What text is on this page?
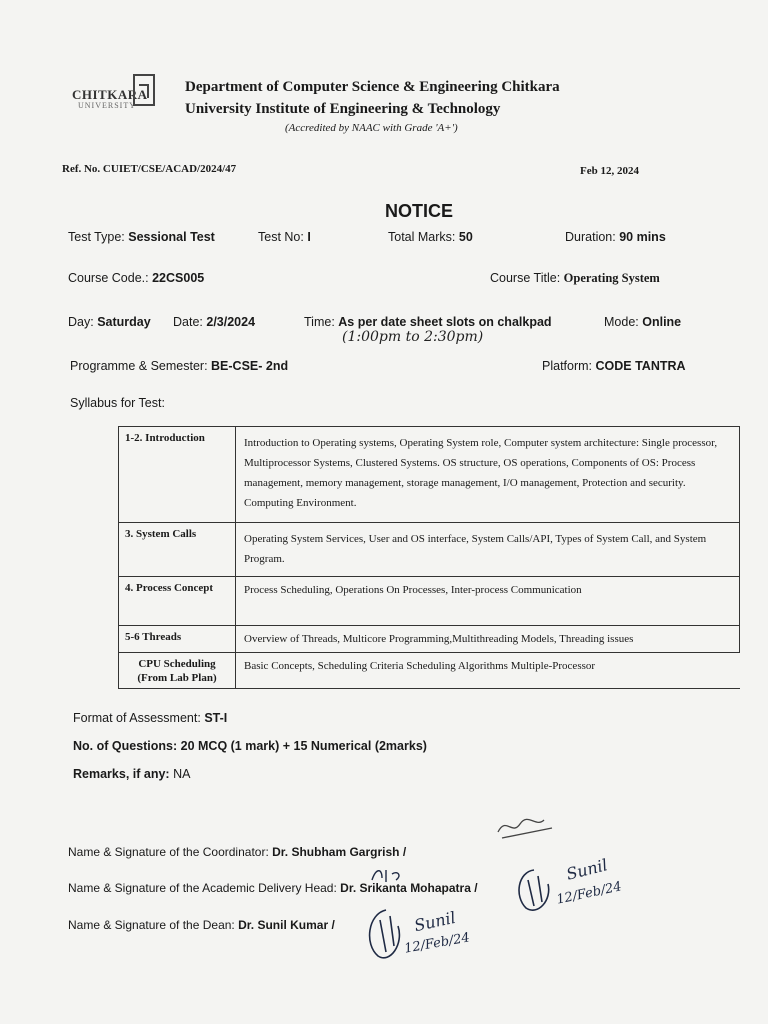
CHITKARA
UNIVERSITY
Department of Computer Science & Engineering Chitkara
University Institute of Engineering & Technology
(Accredited by NAAC with Grade 'A+')
Ref. No. CUIET/CSE/ACAD/2024/47	Feb 12, 2024
NOTICE
Test Type: Sessional Test	Test No: I	Total Marks: 50	Duration: 90 mins
Course Code.: 22CS005	Course Title: Operating System
Day: Saturday Date: 2/3/2024	Time: As per date sheet slots on chalkpad
(1:00pm to 2:30pm)
Mode: Online
Programme & Semester: BE-CSE- 2nd	Platform: CODE TANTRA
Syllabus for Test:
1-2. Introduction	Introduction to Operating systems, Operating System role, Computer system architecture: Single processor, Multiprocessor Systems, Clustered Systems. OS structure, OS operations, Components of OS: Process management, memory management, storage management, I/O management, Protection and security. Computing Environment.
3. System Calls	Operating System Services, User and OS interface, System Calls/API, Types of System Call, and System Program.
4. Process Concept	Process Scheduling, Operations On Processes, Inter-process Communication
5-6 Threads	Overview of Threads, Multicore Programming,Multithreading Models, Threading issues
CPU Scheduling (From Lab Plan)	Basic Concepts, Scheduling Criteria Scheduling Algorithms Multiple-Processor
Format of Assessment: ST-I
No. of Questions: 20 MCQ (1 mark) + 15 Numerical (2marks)
Remarks, if any: NA
Name & Signature of the Coordinator: Dr. Shubham Gargrish /
Name & Signature of the Academic Delivery Head: Dr. Srikanta Mohapatra /
Sunil
12/Feb/24
Name & Signature of the Dean: Dr. Sunil Kumar /	Sunil
12/Feb/24
